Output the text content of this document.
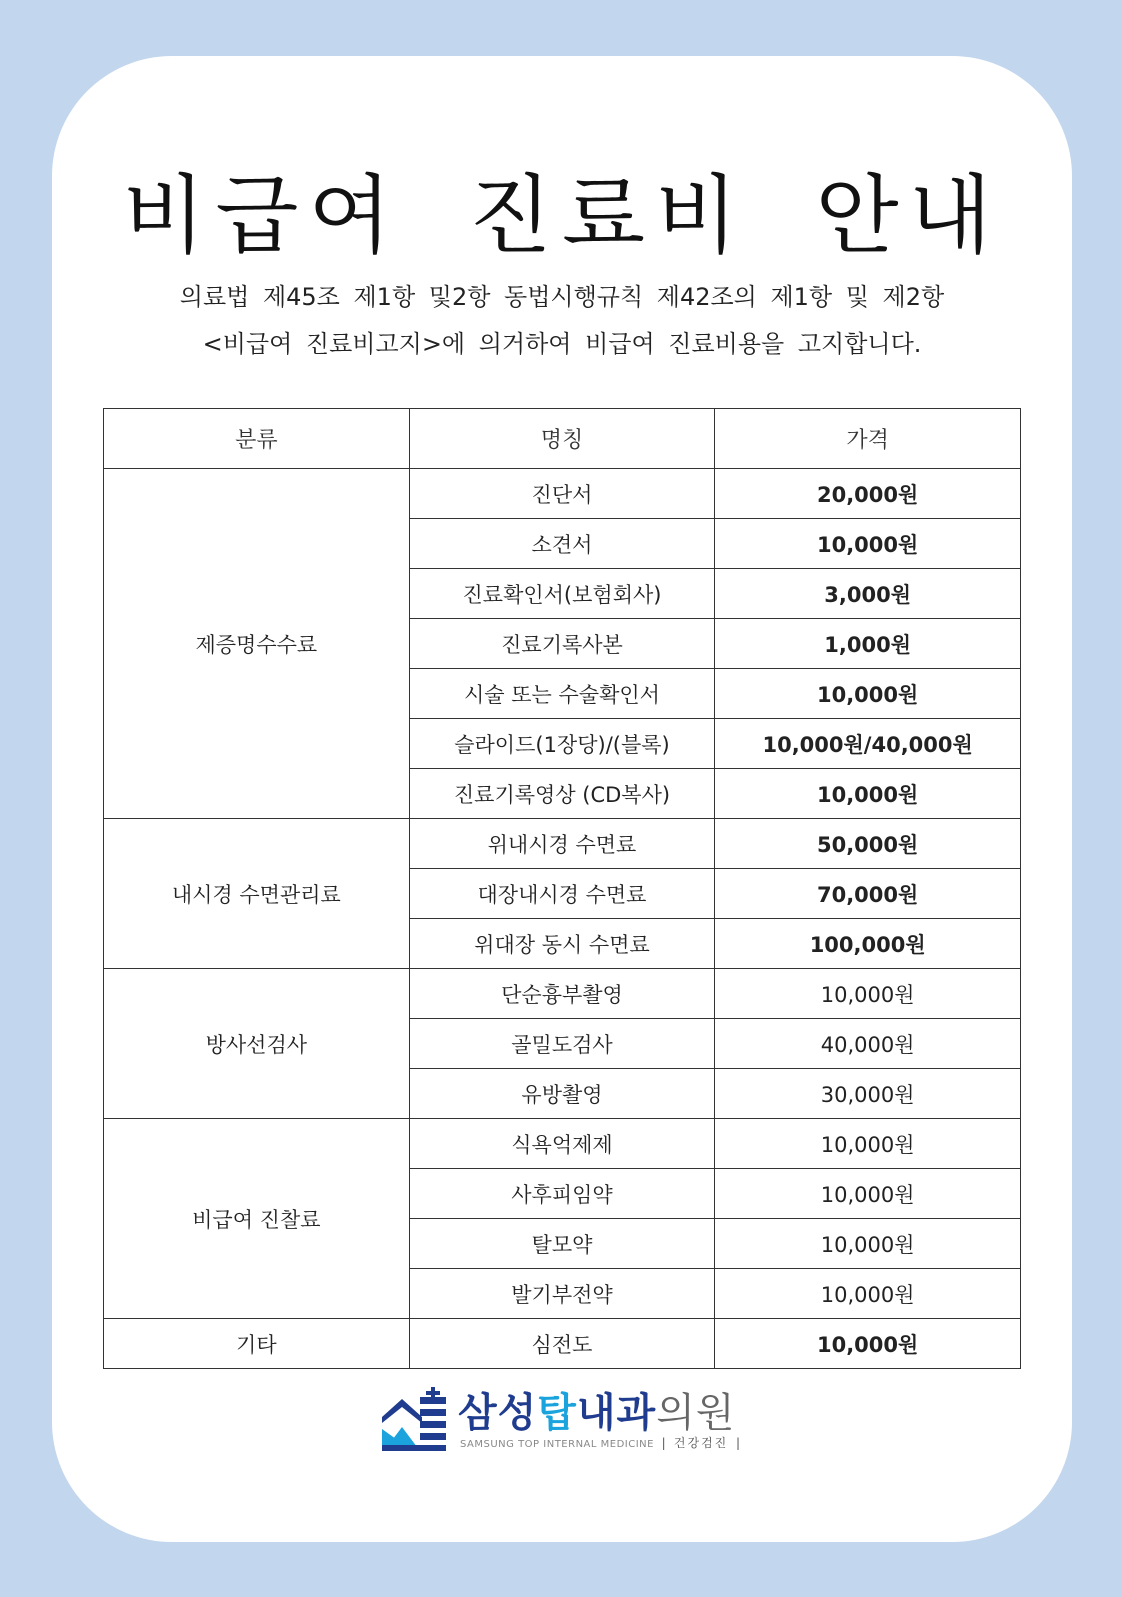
비급여 진료비 안내
의료법 제45조 제1항 및2항 동법시행규칙 제42조의 제1항 및 제2항
<비급여 진료비고지>에 의거하여 비급여 진료비용을 고지합니다.
분류	명칭	가격
제증명수수료	진단서	20,000원
	소견서	10,000원
	진료확인서(보험회사)	3,000원
	진료기록사본	1,000원
	시술 또는 수술확인서	10,000원
	슬라이드(1장당)/(블록)	10,000원/40,000원
	진료기록영상 (CD복사)	10,000원
내시경 수면관리료	위내시경 수면료	50,000원
	대장내시경 수면료	70,000원
	위대장 동시 수면료	100,000원
방사선검사	단순흉부촬영	10,000원
	골밀도검사	40,000원
	유방촬영	30,000원
비급여 진찰료	식욕억제제	10,000원
	사후피임약	10,000원
	탈모약	10,000원
	발기부전약	10,000원
기타	심전도	10,000원
삼성탑내과의원
SAMSUNG TOP INTERNAL MEDICINE | 건강검진 |
